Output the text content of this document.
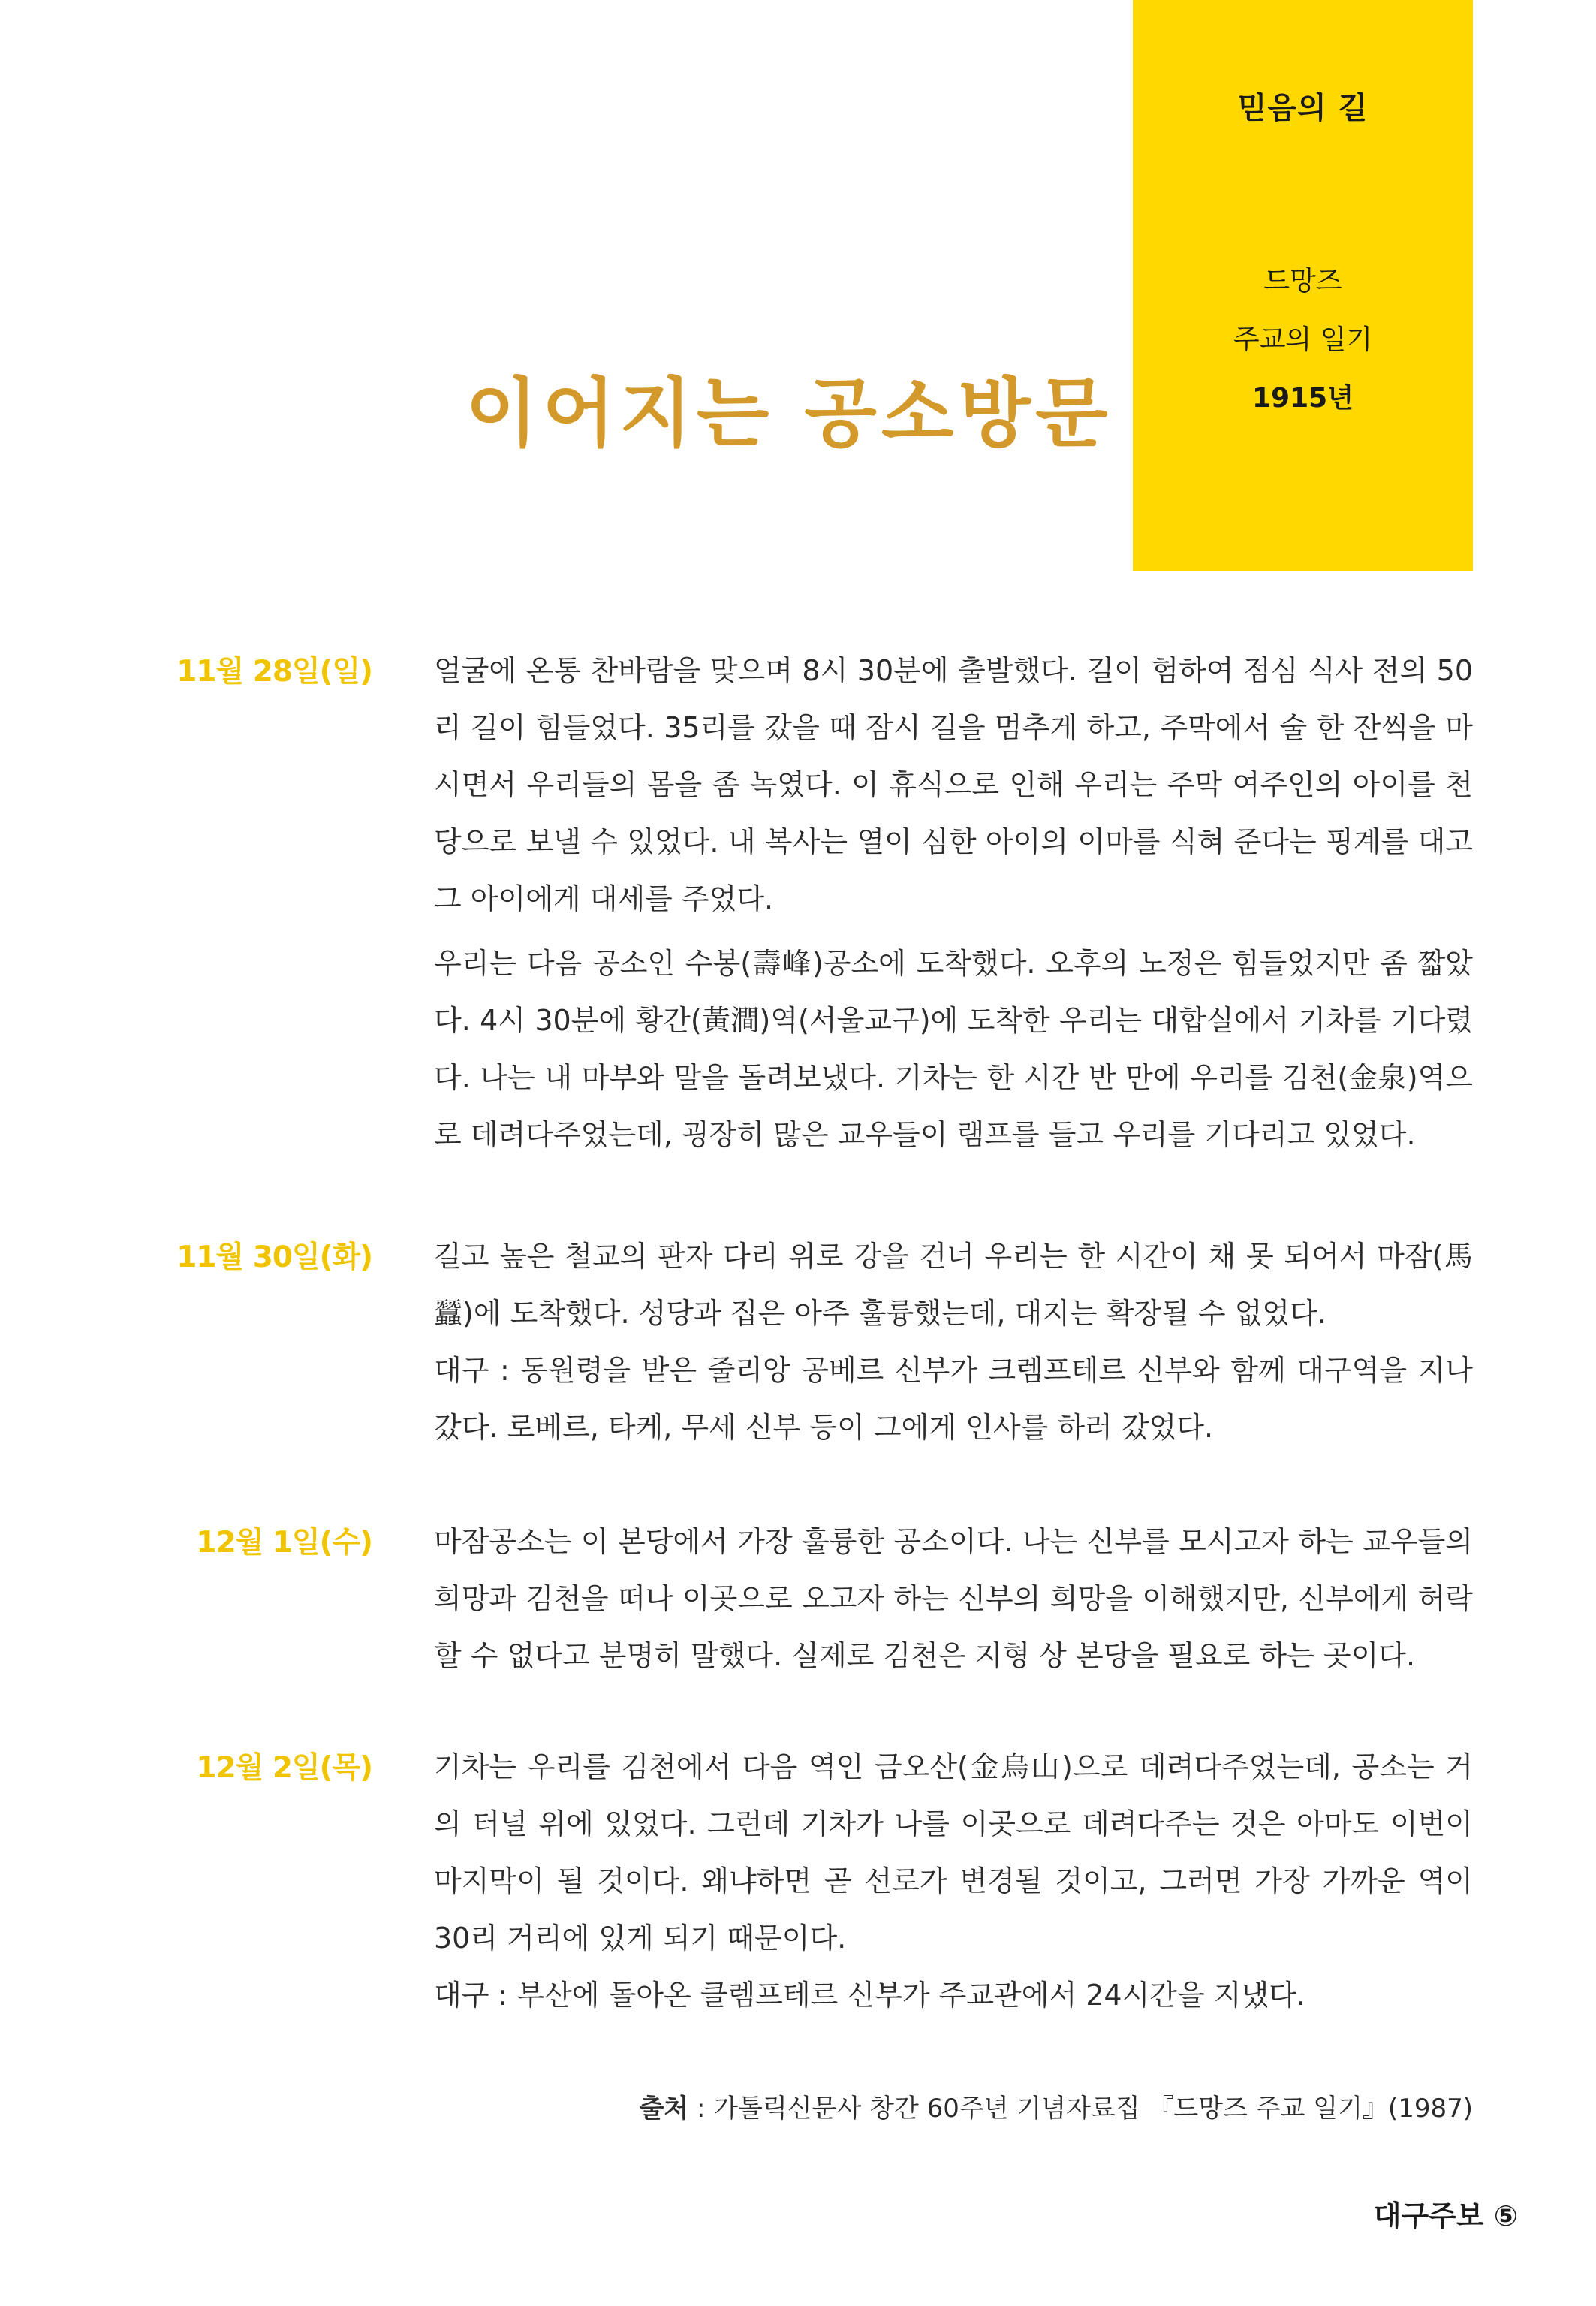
믿음의 길
드망즈
주교의 일기
1915년
이어지는 공소방문
11월 28일(일) 얼굴에 온통 찬바람을 맞으며 8시 30분에 출발했다. 길이 험하여 점심 식사 전의 50리 길이 힘들었다. 35리를 갔을 때 잠시 길을 멈추게 하고, 주막에서 술 한 잔씩을 마시면서 우리들의 몸을 좀 녹였다. 이 휴식으로 인해 우리는 주막 여주인의 아이를 천당으로 보낼 수 있었다. 내 복사는 열이 심한 아이의 이마를 식혀 준다는 핑계를 대고 그 아이에게 대세를 주었다.

우리는 다음 공소인 수봉(壽峰)공소에 도착했다. 오후의 노정은 힘들었지만 좀 짧았다. 4시 30분에 황간(黃澗)역(서울교구)에 도착한 우리는 대합실에서 기차를 기다렸다. 나는 내 마부와 말을 돌려보냈다. 기차는 한 시간 반 만에 우리를 김천(金泉)역으로 데려다주었는데, 굉장히 많은 교우들이 램프를 들고 우리를 기다리고 있었다.

11월 30일(화) 길고 높은 철교의 판자 다리 위로 강을 건너 우리는 한 시간이 채 못 되어서 마잠(馬蠶)에 도착했다. 성당과 집은 아주 훌륭했는데, 대지는 확장될 수 없었다.

대구 : 동원령을 받은 줄리앙 공베르 신부가 크렘프테르 신부와 함께 대구역을 지나갔다. 로베르, 타케, 무세 신부 등이 그에게 인사를 하러 갔었다.

12월 1일(수) 마잠공소는 이 본당에서 가장 훌륭한 공소이다. 나는 신부를 모시고자 하는 교우들의 희망과 김천을 떠나 이곳으로 오고자 하는 신부의 희망을 이해했지만, 신부에게 허락할 수 없다고 분명히 말했다. 실제로 김천은 지형 상 본당을 필요로 하는 곳이다.

12월 2일(목) 기차는 우리를 김천에서 다음 역인 금오산(金烏山)으로 데려다주었는데, 공소는 거의 터널 위에 있었다. 그런데 기차가 나를 이곳으로 데려다주는 것은 아마도 이번이 마지막이 될 것이다. 왜냐하면 곧 선로가 변경될 것이고, 그러면 가장 가까운 역이 30리 거리에 있게 되기 때문이다.

대구 : 부산에 돌아온 클렘프테르 신부가 주교관에서 24시간을 지냈다.

출처 : 가톨릭신문사 창간 60주년 기념자료집 『드망즈 주교 일기』(1987)
대구주보 ⑤
